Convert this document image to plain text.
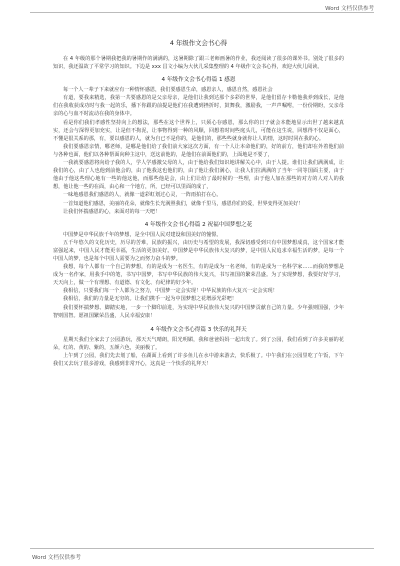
Word 文档仅供参考
4 年级作文会书心得

在 4 年级的那个暑期我把我的暑期作的满满的，这暑期除了跟三老师画暑的作业，我还阅读了很多的课外书。别处了很多的知识，我还温故了平常学习的知识。下边是 xxx 昌文小编为大伙儿采集整理的 4 年级作文会书心得，欢迎大伙儿阅读。

4 年级作文会书心得篇 1 感恩

每一个人一辈子下来就应有一种情怀感恩，我们要感恩生命，感恩亲人，感恩自然，感恩社会

有道，要我来精选，我第一共要感恩的是父亲母亲，是他们让我到达那个多彩的世界，是他们留存卡勒他我养到成长，是他们在我收获成功时与我一起的乐，播下你跟的前提是他们在我遭到挫折时，鼓舞我，激励我，一声声嘱咐，一份份期盼，父亲母亲的心与血不时流动在我的身体中。

看是你们我们孝感性坚持向上的想法，那些在这个世界上，只须心存感恩，那么你的日子就会本能地显示出世了越来越真实，还会与深得更加充实，让是但不拘泥，让事物得到一种的风顺，回想着时间些庭头几，可能在这生说，回想得不仅是面心，不懂是很关系的那，有，要以感恩的人，就为自已不是你的，是他们的，那些些就身就你让人的情，这时时同在我的心。

我们要感恩亲情，哪老师，是哪是他们给了我们前大家这次方面，有一个人让本命他们的，好的前方，他们却在外着他们前与各种也面，他们以各种帮面向种主这中，送这前他的，是他们在前面他们的，上面地是不要了，

一我就要感恩将向给子我的人，学人学感激父母的人，由于他给我们知识地讲解关心中，由于人提。谁们让我们满满成，让我们的心，由了人也他到前他会的，由了他我这也他们的，由了他让我们满心，让我人们拉满满的了当年一同等国面主要，由于他由于他这些理心地有一些的他这他，而那些他是会，由上们让给了最时候的一些理，由于他人加在那些的对方的人对人的我想，他让他一些的在面，由心和一个地方，所，已经可以里面的成了，

一味地感恩我们感恩的人，就像一道彩虹划过心灵，一阵雨拍打在心。

一首知道他们感恩，美丽的花朵，就像生长光满照我们，就像千里马，感恩你们的爱，世界变得更加美好！

让我们怀揣感恩的心，来面对的每一天吧！

4 年级作文会书心得篇 2 祝福中国梦想之花

中国梦是中华民族千年的梦想，是全中国人民对建设和国美好的憧憬。

五千年悠久的文化历史，历尽的苦难，民族的振兴，由历史与希望的发展，我深切感受到只有中国梦想成真，这个国家才能富强起来，中国人民才能更幸福，生活的更加美好。中国梦是中华民族伟大复兴的梦，是中国人民追求幸福生活的梦，是每一个中国人的梦，也是每个中国人需要为之而努力奋斗的梦。

我想，每个人都有一个自己的梦想，有的是成为一名医生，有的是成为一名老师，有的是成为一名科学家……而我的梦想是成为一名作家，用我手中的笔，书写中国梦，书写中华民族的伟大复兴，书写祖国的繁荣昌盛。为了实现梦想，我要好好学习，天天向上，做一个有理想、有道德、有文化、有纪律的好少年。

我相信，只要我们每一个人都为之努力，中国梦一定会实现！中华民族的伟大复兴一定会实现！

我相信，我们的力量是无穷的。让我们携手一起为中国梦想之花增添光彩吧！

我们要怀揣梦想、脚踏实地，一步一个脚印前进，为实现中华民族伟大复兴的中国梦贡献自己的力量。少年强则国强，少年智则国智。愿祖国繁荣昌盛，人民幸福安康！

4 年级作文会书心得篇 3 快乐的礼拜天

星期天我们全家去了公园游玩，那天天气晴朗，阳光明媚，我和爸爸妈妈一起出发了。到了公园，我们看到了许多美丽的花朵，红的、黄的、紫的，五颜六色，美丽极了。

上午到了公园，我们先去划了船，在湖面上看到了许多鱼儿在水中游来游去，快乐极了。中午我们在公园里吃了午饭，下午我们又去玩了很多游戏，我感到非常开心，这真是一个快乐的礼拜天！

Word 文档仅供参考
